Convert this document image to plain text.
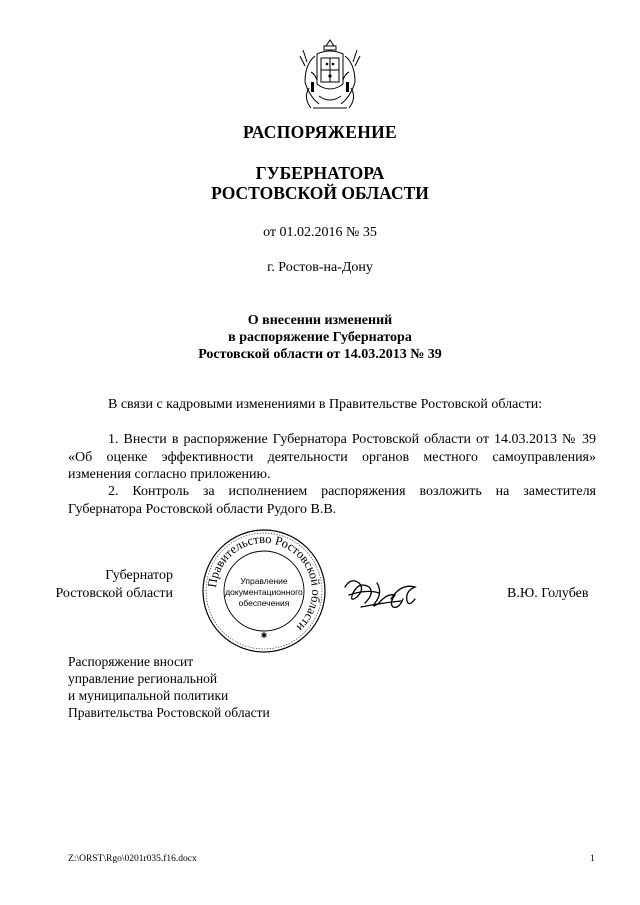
РАСПОРЯЖЕНИЕ
ГУБЕРНАТОРА
РОСТОВСКОЙ ОБЛАСТИ
от 01.02.2016 № 35
г. Ростов-на-Дону
О внесении изменений
в распоряжение Губернатора
Ростовской области от 14.03.2013 № 39
В связи с кадровыми изменениями в Правительстве Ростовской области:
1. Внести в распоряжение Губернатора Ростовской области от 14.03.2013 № 39 «Об оценке эффективности деятельности органов местного самоуправления» изменения согласно приложению.
2. Контроль за исполнением распоряжения возложить на заместителя Губернатора Ростовской области Рудого В.В.
Губернатор
Ростовской области
Правительство Ростовской области
✱
Управление
документационного
обеспечения
В.Ю. Голубев
Распоряжение вносит
управление региональной
и муниципальной политики
Правительства Ростовской области
Z:\ORST\Rgo\0201r035.f16.docx	1
